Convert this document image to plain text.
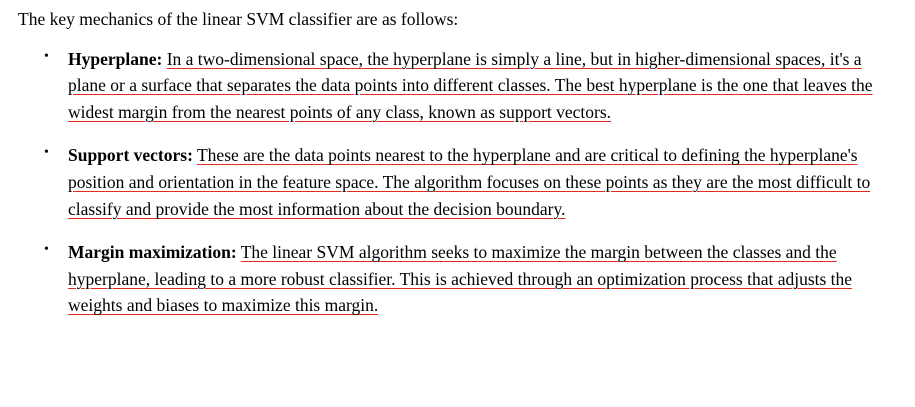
The key mechanics of the linear SVM classifier are as follows:

• Hyperplane: In a two-dimensional space, the hyperplane is simply a line, but in higher-dimensional spaces, it's a plane or a surface that separates the data points into different classes. The best hyperplane is the one that leaves the widest margin from the nearest points of any class, known as support vectors.
• Support vectors: These are the data points nearest to the hyperplane and are critical to defining the hyperplane's position and orientation in the feature space. The algorithm focuses on these points as they are the most difficult to classify and provide the most information about the decision boundary.
• Margin maximization: The linear SVM algorithm seeks to maximize the margin between the classes and the hyperplane, leading to a more robust classifier. This is achieved through an optimization process that adjusts the weights and biases to maximize this margin.
